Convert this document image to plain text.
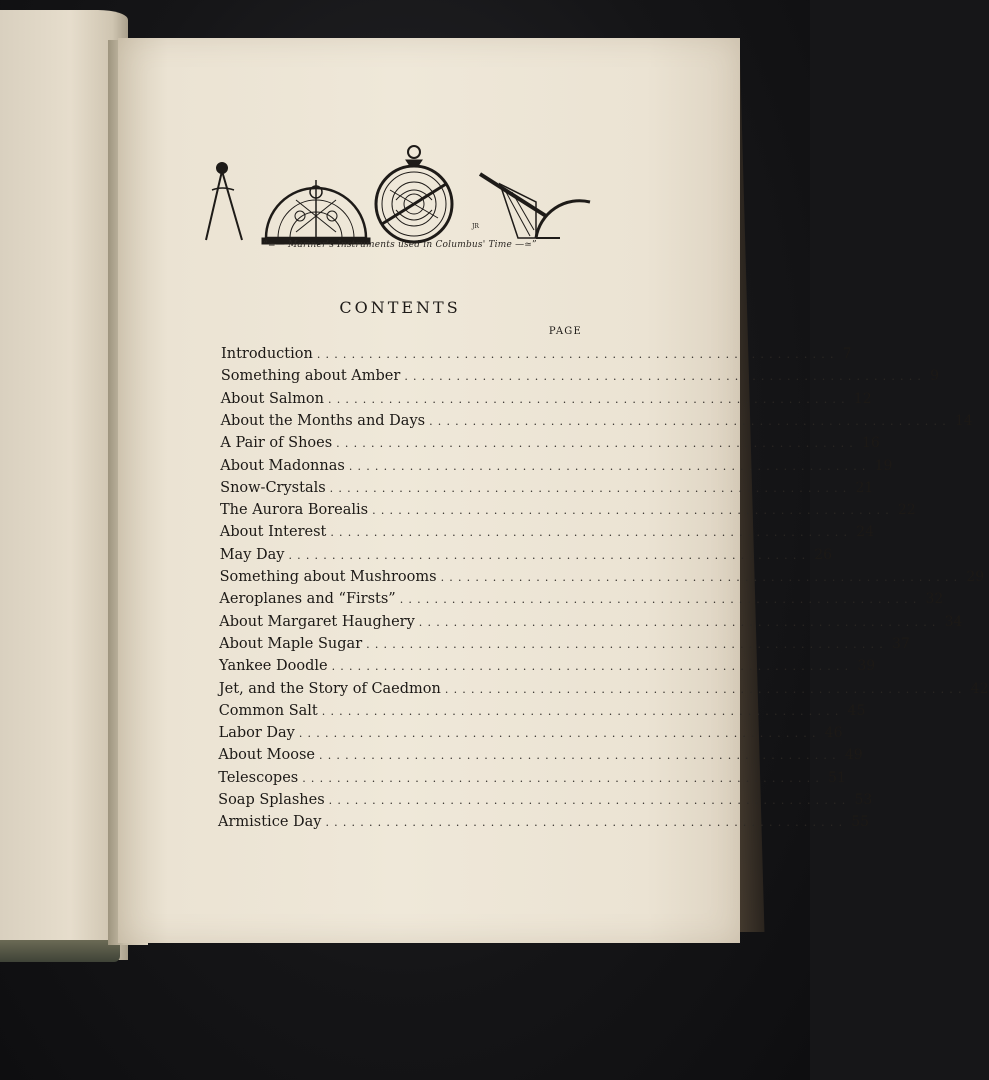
JR
“≃— Mariner's Instruments used in Columbus' Time —≃”
CONTENTS
PAGE
Introduction ............................................................ 7
Something about Amber ............................................................ 9
About Salmon ............................................................ 12
About the Months and Days ............................................................ 14
A Pair of Shoes ............................................................ 16
About Madonnas ............................................................ 19
Snow-Crystals ............................................................ 21
The Aurora Borealis ............................................................ 22
About Interest ............................................................ 24
May Day ............................................................ 26
Something about Mushrooms ............................................................ 29
Aeroplanes and “Firsts” ............................................................ 32
About Margaret Haughery ............................................................ 34
About Maple Sugar ............................................................ 37
Yankee Doodle ............................................................ 39
Jet, and the Story of Caedmon ............................................................ 42
Common Salt ............................................................ 45
Labor Day ............................................................ 46
About Moose ............................................................ 49
Telescopes ............................................................ 51
Soap Splashes ............................................................ 53
Armistice Day ............................................................ 55
